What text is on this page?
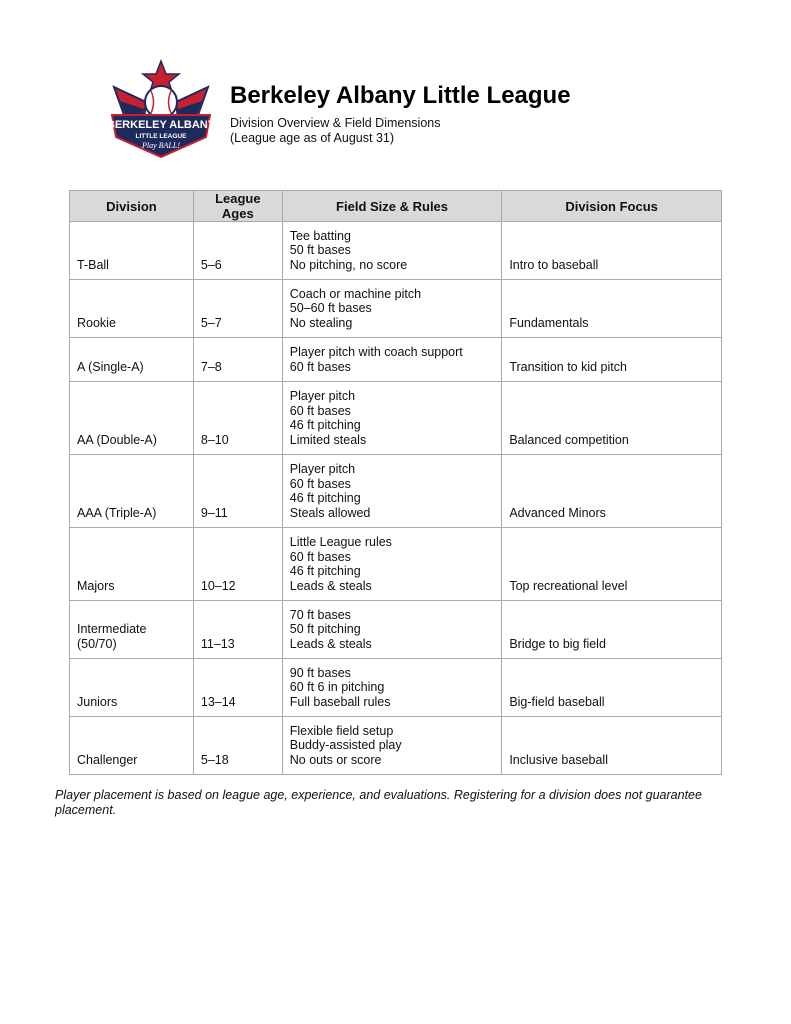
BERKELEY ALBANY
LITTLE LEAGUE
Play BALL!
Berkeley Albany Little League
Division Overview & Field Dimensions
(League age as of August 31)
Division	League Ages	Field Size & Rules	Division Focus
T-Ball	5–6	Tee batting
50 ft bases
No pitching, no score	Intro to baseball
Rookie	5–7	Coach or machine pitch
50–60 ft bases
No stealing	Fundamentals
A (Single-A)	7–8	Player pitch with coach support
60 ft bases	Transition to kid pitch
AA (Double-A)	8–10	Player pitch
60 ft bases
46 ft pitching
Limited steals	Balanced competition
AAA (Triple-A)	9–11	Player pitch
60 ft bases
46 ft pitching
Steals allowed	Advanced Minors
Majors	10–12	Little League rules
60 ft bases
46 ft pitching
Leads & steals	Top recreational level
Intermediate (50/70)	11–13	70 ft bases
50 ft pitching
Leads & steals	Bridge to big field
Juniors	13–14	90 ft bases
60 ft 6 in pitching
Full baseball rules	Big-field baseball
Challenger	5–18	Flexible field setup
Buddy-assisted play
No outs or score	Inclusive baseball
Player placement is based on league age, experience, and evaluations. Registering for a division does not guarantee placement.
